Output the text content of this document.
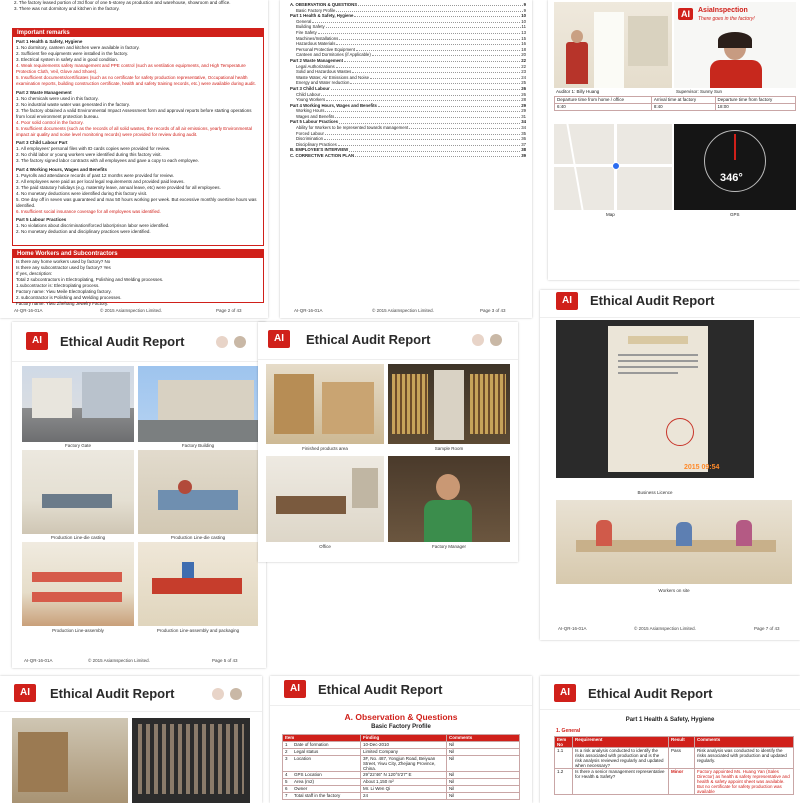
2. The factory leased portion of 3rd floor of one 5-storey as production and warehouse, showroom and office.
3. There was not dormitory and kitchen in the factory.
Important remarks
Part 1 Health & Safety, Hygiene
1. No dormitory, canteen and kitchen were available in factory.
2. Sufficient fire equipments were installed in the factory.
3. Electrical system in safety and in good condition.
4. Weak requirements safety management and PPE control (such as ventilation equipments, and High Temperature Protection Cloth, Veil, Glove and Shoes).
5. Insufficient documents/certificates (such as no certificate for safety production representative, Occupational health examination reports, building construction certificate, health and safety training records, etc.) were available during audit.
Part 2 Waste Management
1. No chemicals were used in this factory.
2. No industrial waste water was generated in the factory.
3. The factory obtained a valid Environmental Impact Assessment form and approval reports before starting operations from local environment protection bureau.
4. Poor solid control in the factory.
5. Insufficient documents (such as the records of all solid wastes, the records of all air emissions, yearly Environmental impact air quality and noise level monitoring records) were provided for review during audit.
Part 3 Child Labour Part
1. All employees' personal files with ID cards copies were provided for review.
2. No child labor or young workers were identified during this factory visit.
3. The factory signed labor contracts with all employees and gave a copy to each employee.
Part 4 Working Hours, Wages and Benefits
1. Payrolls and attendance records of past 12 months were provided for review.
2. All employees were paid as per local legal requirements and provided paid leaves.
3. The paid statutory holidays (e.g. maternity leave, annual leave, etc) were provided for all employees.
4. No monetary deductions were identified during this factory visit.
5. One day off in seven was guaranteed and max 50 hours working per week. But excessive monthly overtime hours was identified.
6. Insufficient social insurance coverage for all employees was identified.
Part 5 Labour Practices
1. No violations about discrimination/forced labor/prison labor were identified.
2. No monetary deduction and disciplinary practices were identified.
Home Workers and Subcontractors
Is there any home workers used by factory? No
Is there any subcontractor used by factory? Yes
If yes, description:
Total 2 subcontractors in Electroplating, Polishing and Welding processes.
1.subcontractor is: Electroplating process.
Factory name: Yiwu Meile Electroplating factory.
2. subcontractor is Polishing and Welding processes.
Factory name: Yiwu Zhehang Jewelry Factory.
AI-QR-16-01A	© 2015 AsiaInspection Limited.	Page 2 of 43
A. OBSERVATION & QUESTIONS	9
Basic Factory Profile	9
Part 1 Health & Safety, Hygiene	10
General	10
Building Safety	11
Fire Safety	13
Machines/Installations	15
Hazardous Materials	16
Personal Protective Equipment	18
Canteen and Dormitories (if Applicable)	20
Part 2 Waste Management	22
Legal Authorizations	22
Solid and Hazardous Wastes	23
Waste Water, Air Emissions and Noise	24
Energy and Water reduction	25
Part 3 Child Labour	26
Child Labour	26
Young Workers	28
Part 4 Working Hours, Wages and Benefits	29
Working Hours	29
Wages and Benefits	31
Part 5 Labour Practices	34
Ability for Workers to be represented towards management	34
Forced Labour	35
Discrimination	36
Disciplinary Practices	37
B. EMPLOYEE'S INTERVIEW	38
C. CORRECTIVE ACTION PLAN	39
AI-QR-16-01A	© 2015 AsiaInspection Limited.	Page 3 of 43
AI	AsiaInspection
There goes in the factory!
Auditor 1: Billy Huang	Supervisor: Sunny Sun
Departure time from home / office	Arrival time at factory	Departure time from factory
6:40	8:40	18:00
346°
Map	GPS
AI	Ethical Audit Report
Factory Gate	Factory Building
Production Line-die casting	Production Line-die casting
Production Line-assembly	Production Line-assembly and packaging
AI-QR-16-01A	© 2015 AsiaInspection Limited.	Page 5 of 43
AI	Ethical Audit Report
Finished products area	Sample Room
Office	Factory Manager
AI	Ethical Audit Report
2015 09:54
Business Licence
Workers on site
AI-QR-16-01A	© 2015 AsiaInspection Limited.	Page 7 of 43
AI	Ethical Audit Report	AI	Ethical Audit Report
A. Observation & Questions
Basic Factory Profile
Item	Finding	Comments
1 Date of formation	10-Dec-2010	Nil
2 Legal status	Limited Company	Nil
3 Location	3F, No. 487, Yongjun Road, Beiyuan Street, Yiwu City, Zhejiang Province, China.	Nil
4 GPS Location	29°22'46" N 120°5'27" E	Nil
5 Area (m2)	About 1,150 m²	Nil
6 Owner	Mr. Li Wen Qi	Nil
7 Total staff in the factory	24	Nil
AI	Ethical Audit Report
Part 1 Health & Safety, Hygiene
1. General
Item No	Requirement	Result	Comments
1.1	Is a risk analysis conducted to identify the risks associated with production and is the risk analysis reviewed regularly and updated when necessary?	Pass	Risk analysis was conducted to identify the risks associated with production and updated regularly.
1.2	Is there a senior management representative for Health & Safety?	Minor	Factory appointed Ms. Huang Yan (Sales Director) as health & safety representative and health & safety appoint sheet was available. But no certificate for safety production was available
